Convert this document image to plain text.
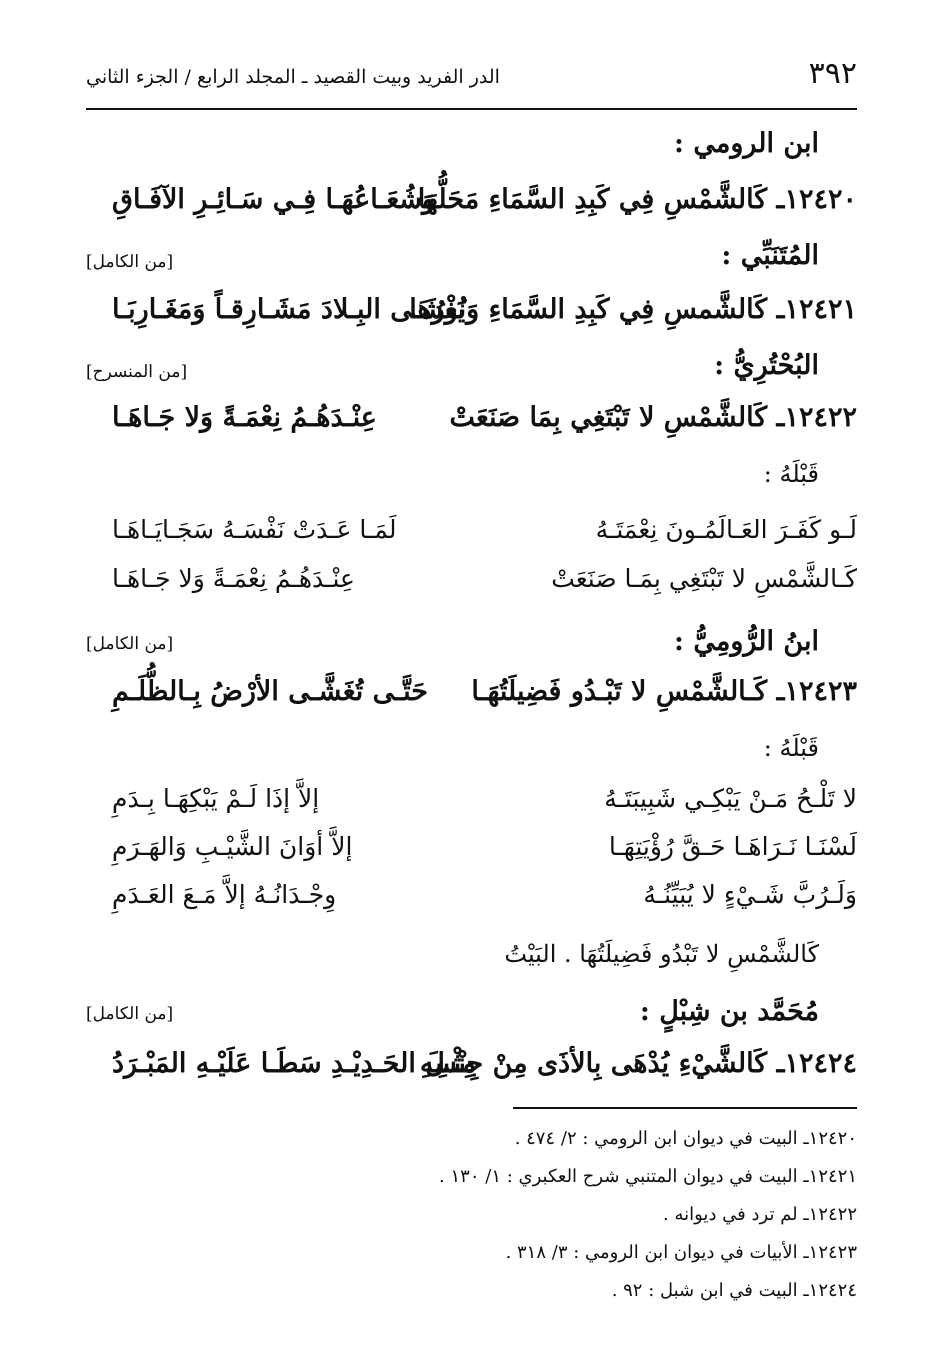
٣٩٢
الدر الفريد وبيت القصيد ـ المجلد الرابع / الجزء الثاني
ابن الرومي :
١٢٤٢٠ـ كَالشَّمْسِ فِي كَبِدِ السَّمَاءِ مَحَلُّهَا
وَشُعَـاعُهَـا فِـي سَـائِـرِ الآفَـاقِ
المُتَنَبِّي :
[من الكامل]
١٢٤٢١ـ كَالشَّمسِ فِي كَبِدِ السَّمَاءِ وَنُورُهَا
يَغْشَـى البِـلادَ مَشَـارِقـاً وَمَغَـارِبَـا
البُحْتُرِيُّ :
[من المنسرح]
١٢٤٢٢ـ كَالشَّمْسِ لا تَبْتَغِي بِمَا صَنَعَتْ
عِنْـدَهُـمُ نِعْمَـةً وَلا جَـاهَـا
قَبْلَهُ :
لَـو كَفَـرَ العَـالَمُـونَ نِعْمَتَـهُ
لَمَـا عَـدَتْ نَفْسَـهُ سَجَـايَـاهَـا
كَـالشَّمْسِ لا تَبْتَغِي بِمَـا صَنَعَتْ
عِنْـدَهُـمُ نِعْمَـةً وَلا جَـاهَـا
ابنُ الرُّومِيُّ :
[من الكامل]
١٢٤٢٣ـ كَـالشَّمْسِ لا تَبْـدُو فَضِيلَتُهَـا
حَتَّـى تُغَشَّـى الأرْضُ بِـالظُّلَـمِ
قَبْلَهُ :
لا تَلْـحُ مَـنْ يَبْكِـي شَبِيبَتَـهُ
إلاَّ إذَا لَـمْ يَبْكِهَـا بِـدَمِ
لَسْنَـا نَـرَاهَـا حَـقَّ رُؤْيَتِهَـا
إلاَّ أوَانَ الشَّيْـبِ وَالهَـرَمِ
وَلَـرُبَّ شَـيْءٍ لا يُبَيِّنُـهُ
وِجْـدَانُـهُ إلاَّ مَـعَ العَـدَمِ
كَالشَّمْسِ لا تَبْدُو فَضِيلَتُهَا . البَيْتُ
مُحَمَّد بن شِبْلٍ :
[من الكامل]
١٢٤٢٤ـ كَالشَّيْءِ يُدْهَى بِالأذَى مِنْ جِنْسِهِ
مِثْـلَ الحَـدِيْـدِ سَطَـا عَلَيْـهِ المَبْـرَدُ
١٢٤٢٠ـ البيت في ديوان ابن الرومي : ٢/ ٤٧٤ .
١٢٤٢١ـ البيت في ديوان المتنبي شرح العكبري : ١/ ١٣٠ .
١٢٤٢٢ـ لم ترد في ديوانه .
١٢٤٢٣ـ الأبيات في ديوان ابن الرومي : ٣/ ٣١٨ .
١٢٤٢٤ـ البيت في ابن شبل : ٩٢ .
